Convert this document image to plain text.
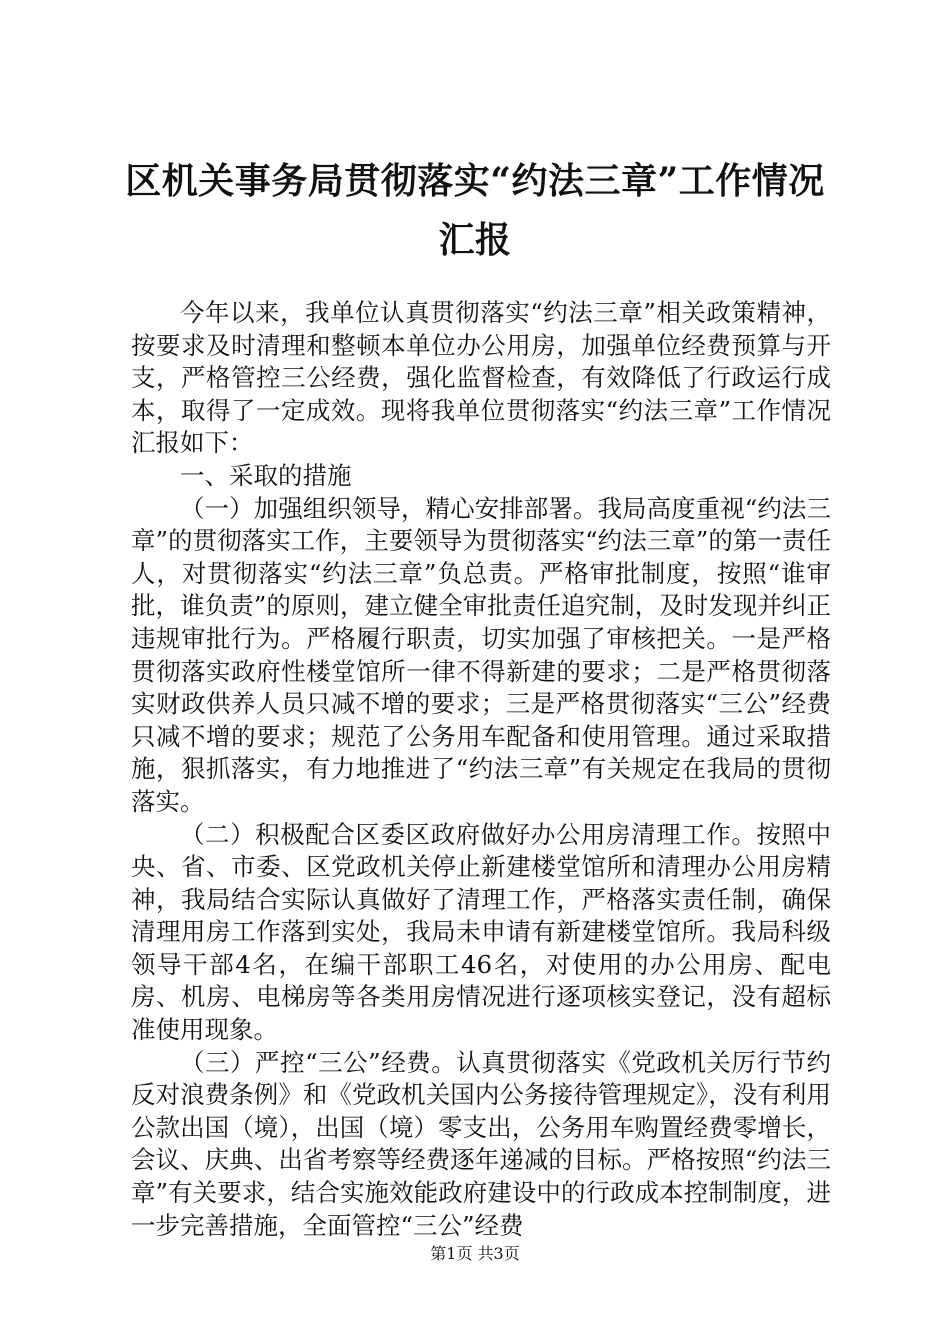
区机关事务局贯彻落实“约法三章”工作情况
汇报

今年以来，我单位认真贯彻落实“约法三章”相关政策精神，按要求及时清理和整顿本单位办公用房，加强单位经费预算与开支，严格管控三公经费，强化监督检查，有效降低了行政运行成本，取得了一定成效。现将我单位贯彻落实“约法三章”工作情况汇报如下：

一、采取的措施

（一）加强组织领导，精心安排部署。我局高度重视“约法三章”的贯彻落实工作，主要领导为贯彻落实“约法三章”的第一责任人，对贯彻落实“约法三章”负总责。严格审批制度，按照“谁审批，谁负责”的原则，建立健全审批责任追究制，及时发现并纠正违规审批行为。严格履行职责，切实加强了审核把关。一是严格贯彻落实政府性楼堂馆所一律不得新建的要求；二是严格贯彻落实财政供养人员只减不增的要求；三是严格贯彻落实“三公”经费只减不增的要求；规范了公务用车配备和使用管理。通过采取措施，狠抓落实，有力地推进了“约法三章”有关规定在我局的贯彻落实。

（二）积极配合区委区政府做好办公用房清理工作。按照中央、省、市委、区党政机关停止新建楼堂馆所和清理办公用房精神，我局结合实际认真做好了清理工作，严格落实责任制，确保清理用房工作落到实处，我局未申请有新建楼堂馆所。我局科级领导干部4名，在编干部职工46名，对使用的办公用房、配电房、机房、电梯房等各类用房情况进行逐项核实登记，没有超标准使用现象。

（三）严控“三公”经费。认真贯彻落实《党政机关厉行节约反对浪费条例》和《党政机关国内公务接待管理规定》，没有利用公款出国（境），出国（境）零支出，公务用车购置经费零增长，会议、庆典、出省考察等经费逐年递减的目标。严格按照“约法三章”有关要求，结合实施效能政府建设中的行政成本控制制度，进一步完善措施，全面管控“三公”经费

第1页 共3页
